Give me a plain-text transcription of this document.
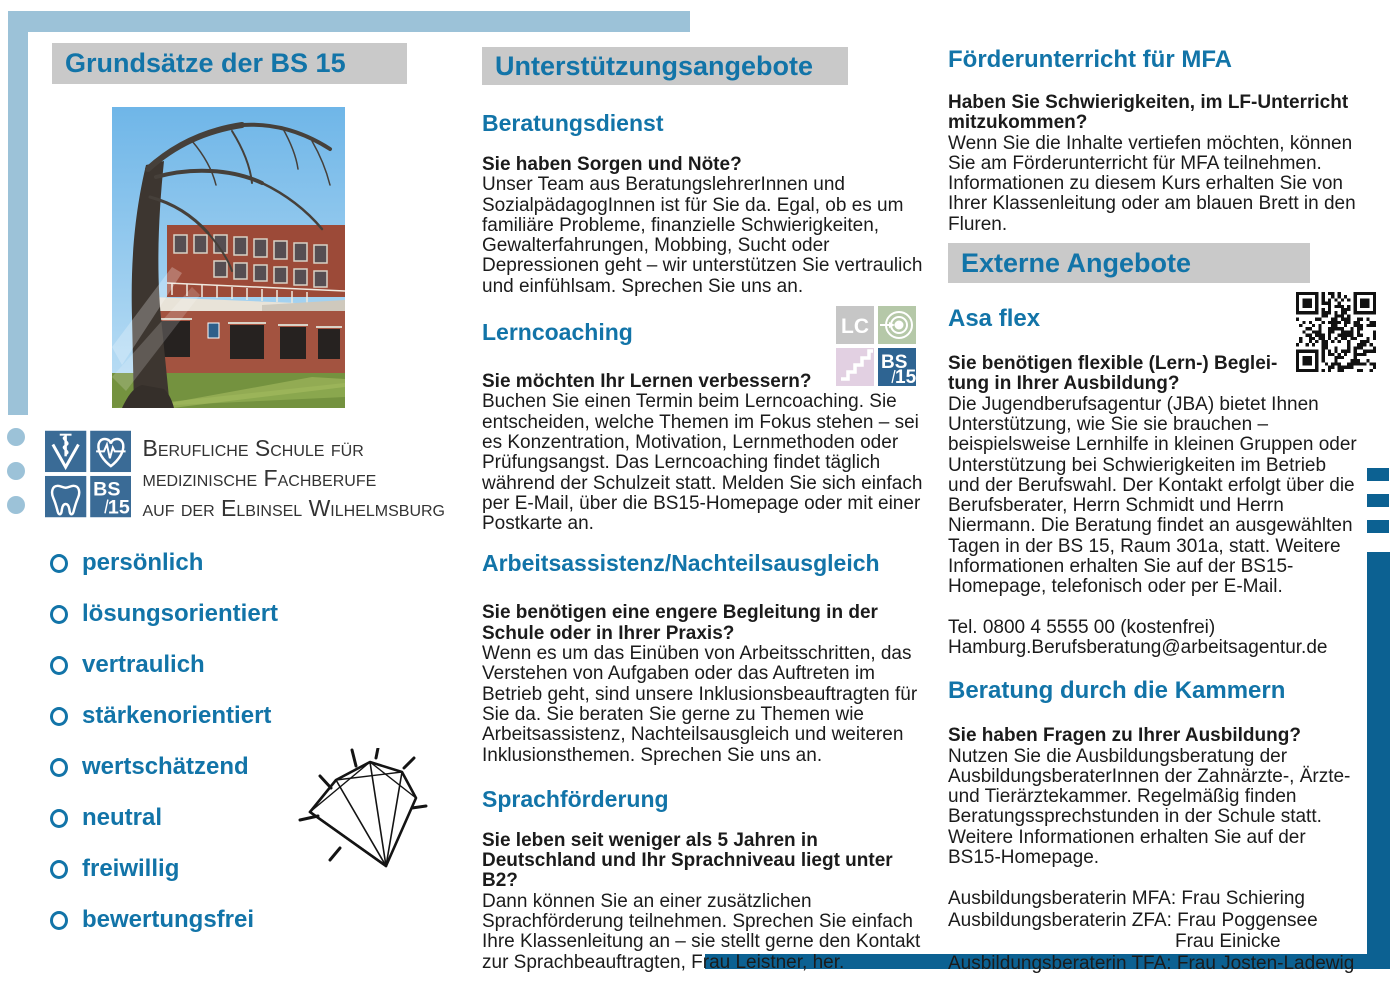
Grundsätze der BS 15
BS
15
Berufliche Schule für
medizinische Fachberufe
auf der Elbinsel Wilhelmsburg
persönlich
lösungsorientiert
vertraulich
stärkenorientiert
wertschätzend
neutral
freiwillig
bewertungsfrei
Unterstützungsangebote
Beratungsdienst

Sie haben Sorgen und Nöte?

Unser Team aus BeratungslehrerInnen und SozialpädagogInnen ist für Sie da. Egal, ob es um familiäre Probleme, finanzielle Schwierigkeiten, Gewalterfahrungen, Mobbing, Sucht oder Depressionen geht – wir unterstützen Sie vertraulich und einfühlsam. Sprechen Sie uns an.

Lerncoaching

Sie möchten Ihr Lernen verbessern?

Buchen Sie einen Termin beim Lerncoaching. Sie entscheiden, welche Themen im Fokus stehen – sei es Konzentration, Motivation, Lernmethoden oder Prüfungsangst. Das Lerncoaching findet täglich während der Schulzeit statt. Melden Sie sich einfach per E-Mail, über die BS15-Homepage oder mit einer Postkarte an.

Arbeitsassistenz/Nachteilsausgleich

Sie benötigen eine engere Begleitung in der Schule oder in Ihrer Praxis?

Wenn es um das Einüben von Arbeitsschritten, das Verstehen von Aufgaben oder das Auftreten im Betrieb geht, sind unsere Inklusionsbeauftragten für Sie da. Sie beraten Sie gerne zu Themen wie Arbeitsassistenz, Nachteilsausgleich und weiteren Inklusionsthemen. Sprechen Sie uns an.

Sprachförderung

Sie leben seit weniger als 5 Jahren in Deutschland und Ihr Sprachniveau liegt unter B2?

Dann können Sie an einer zusätzlichen Sprachförderung teilnehmen. Sprechen Sie einfach Ihre Klassenleitung an – sie stellt gerne den Kontakt zur Sprachbeauftragten, Frau Leistner, her.

LC
BS
15
Förderunterricht für MFA

Haben Sie Schwierigkeiten, im LF-Unterricht mitzukommen?

Wenn Sie die Inhalte vertiefen möchten, können Sie am Förderunterricht für MFA teilnehmen. Informationen zu diesem Kurs erhalten Sie von Ihrer Klassenleitung oder am blauen Brett in den Fluren.

Externe Angebote
Asa flex

Sie benötigen flexible (Lern-) Beglei-

tung in Ihrer Ausbildung?

Die Jugendberufsagentur (JBA) bietet Ihnen Unterstützung, wie Sie sie brauchen – beispielsweise Lernhilfe in kleinen Gruppen oder Unterstützung bei Schwierigkeiten im Betrieb und der Berufswahl. Der Kontakt erfolgt über die Berufsberater, Herrn Schmidt und Herrn Niermann. Die Beratung findet an ausgewählten Tagen in der BS 15, Raum 301a, statt. Weitere Informationen erhalten Sie auf der BS15-Homepage, telefonisch oder per E-Mail.

Tel. 0800 4 5555 00 (kostenfrei)

Hamburg.Berufsberatung@arbeitsagentur.de

Beratung durch die Kammern

Sie haben Fragen zu Ihrer Ausbildung?

Nutzen Sie die Ausbildungsberatung der AusbildungsberaterInnen der Zahnärzte-, Ärzte- und Tierärztekammer. Regelmäßig finden Beratungssprechstunden in der Schule statt. Weitere Informationen erhalten Sie auf der BS15-Homepage.

Ausbildungsberaterin MFA: Frau Schiering
Ausbildungsberaterin ZFA: Frau Poggensee
Frau Einicke
Ausbildungsberaterin TFA: Frau Josten-Ladewig
